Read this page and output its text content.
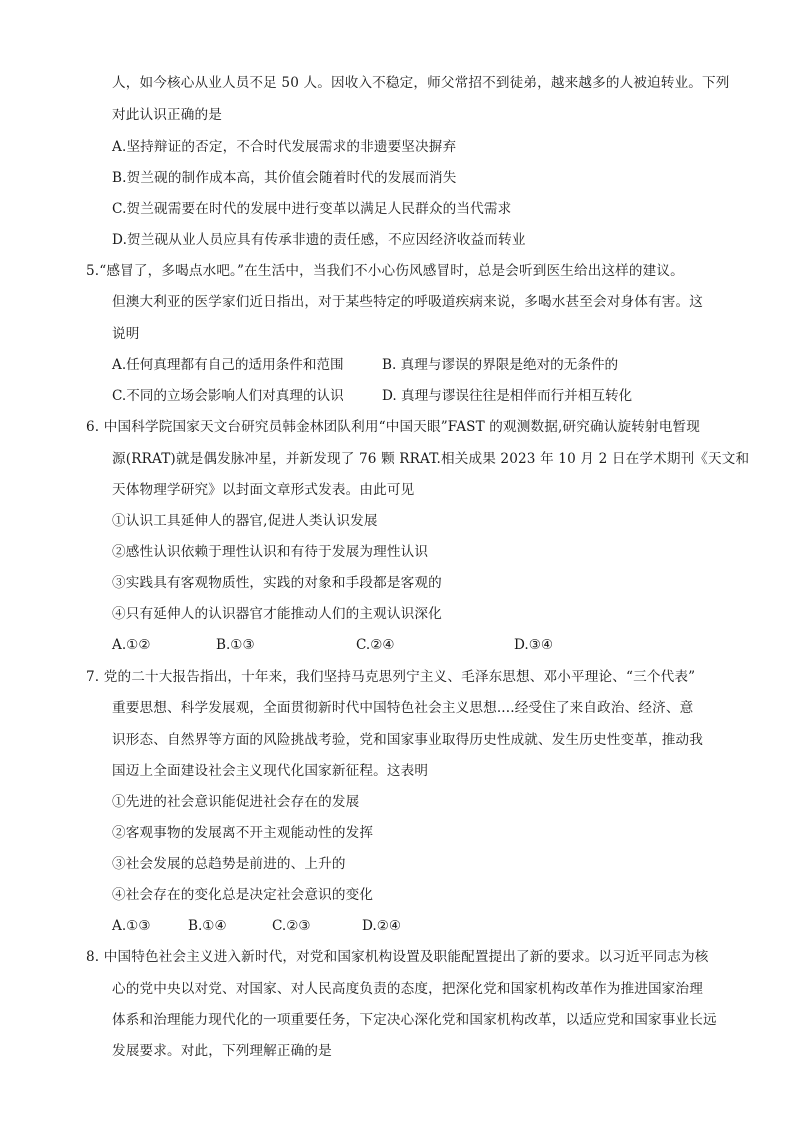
人，如今核心从业人员不足 50 人。因收入不稳定，师父常招不到徒弟，越来越多的人被迫转业。下列
对此认识正确的是
A.坚持辩证的否定，不合时代发展需求的非遗要坚决摒弃
B.贺兰砚的制作成本高，其价值会随着时代的发展而消失
C.贺兰砚需要在时代的发展中进行变革以满足人民群众的当代需求
D.贺兰砚从业人员应具有传承非遗的责任感，不应因经济收益而转业
5.“感冒了，多喝点水吧。”在生活中，当我们不小心伤风感冒时，总是会听到医生给出这样的建议。
但澳大利亚的医学家们近日指出，对于某些特定的呼吸道疾病来说，多喝水甚至会对身体有害。这
说明
A.任何真理都有自己的适用条件和范围	B. 真理与谬误的界限是绝对的无条件的
C.不同的立场会影响人们对真理的认识	D. 真理与谬误往往是相伴而行并相互转化
6. 中国科学院国家天文台研究员韩金林团队利用“中国天眼”FAST 的观测数据,研究确认旋转射电暂现
源(RRAT)就是偶发脉冲星，并新发现了 76 颗 RRAT.相关成果 2023 年 10 月 2 日在学术期刊《天文和
天体物理学研究》以封面文章形式发表。由此可见
①认识工具延伸人的器官,促进人类认识发展
②感性认识依赖于理性认识和有待于发展为理性认识
③实践具有客观物质性，实践的对象和手段都是客观的
④只有延伸人的认识器官才能推动人们的主观认识深化
A.①②	B.①③	C.②④	D.③④
7. 党的二十大报告指出，十年来，我们坚持马克思列宁主义、毛泽东思想、邓小平理论、“三个代表”
重要思想、科学发展观，全面贯彻新时代中国特色社会主义思想....经受住了来自政治、经济、意
识形态、自然界等方面的风险挑战考验，党和国家事业取得历史性成就、发生历史性变革，推动我
国迈上全面建设社会主义现代化国家新征程。这表明
①先进的社会意识能促进社会存在的发展
②客观事物的发展离不开主观能动性的发挥
③社会发展的总趋势是前进的、上升的
④社会存在的变化总是决定社会意识的变化
A.①③	B.①④	C.②③	D.②④
8. 中国特色社会主义进入新时代，对党和国家机构设置及职能配置提出了新的要求。以习近平同志为核
心的党中央以对党、对国家、对人民高度负责的态度，把深化党和国家机构改革作为推进国家治理
体系和治理能力现代化的一项重要任务，下定决心深化党和国家机构改革，以适应党和国家事业长远
发展要求。对此，下列理解正确的是
